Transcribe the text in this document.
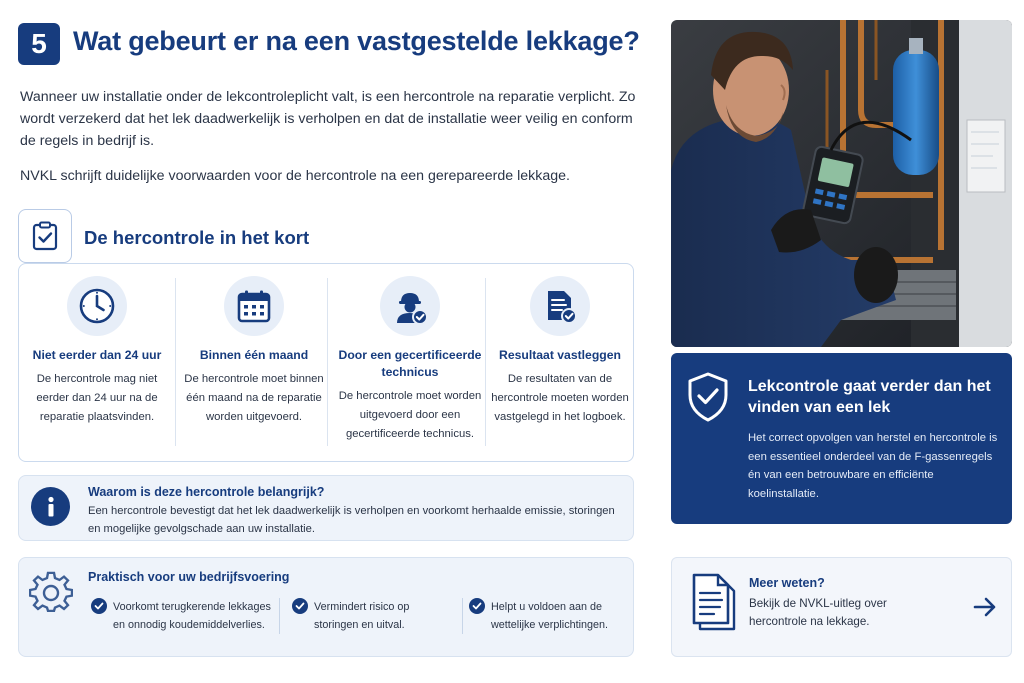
5 Wat gebeurt er na een vastgestelde lekkage?

Wanneer uw installatie onder de lekcontroleplicht valt, is een hercontrole na reparatie verplicht. Zo wordt verzekerd dat het lek daadwerkelijk is verholpen en dat de installatie weer veilig en conform de regels in bedrijf is.

NVKL schrijft duidelijke voorwaarden voor de hercontrole na een gerepareerde lekkage.

De hercontrole in het kort
Niet eerder dan 24 uur
De hercontrole mag niet eerder dan 24 uur na de reparatie plaatsvinden.
Binnen één maand
De hercontrole moet binnen één maand na de reparatie worden uitgevoerd.
Door een gecertificeerde technicus
De hercontrole moet worden uitgevoerd door een gecertificeerde technicus.
Resultaat vastleggen
De resultaten van de hercontrole moeten worden vastgelegd in het logboek.
Waarom is deze hercontrole belangrijk?
Een hercontrole bevestigt dat het lek daadwerkelijk is verholpen en voorkomt herhaalde emissie, storingen en mogelijke gevolgschade aan uw installatie.
Praktisch voor uw bedrijfsvoering
Voorkomt terugkerende lekkages en onnodig koudemiddelverlies.
Vermindert risico op storingen en uitval.
Helpt u voldoen aan de wettelijke verplichtingen.
Lekcontrole gaat verder dan het vinden van een lek
Het correct opvolgen van herstel en hercontrole is een essentieel onderdeel van de F-gassenregels én van een betrouwbare en efficiënte koelinstallatie.
Meer weten?
Bekijk de NVKL-uitleg over hercontrole na lekkage.
